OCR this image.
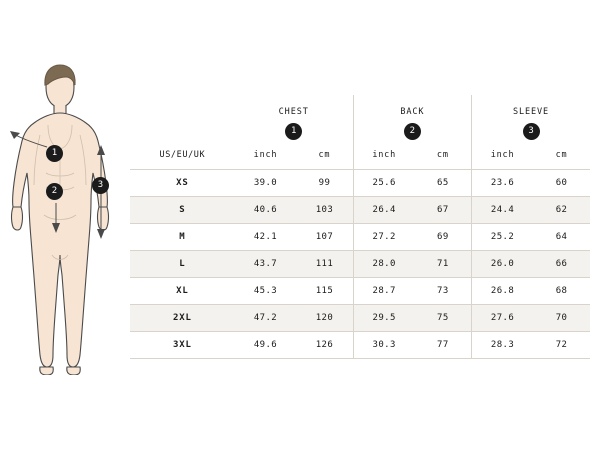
1
2
3
	CHEST		BACK		SLEEVE	
	1		2		3	
US/EU/UK	inch	cm	inch	cm	inch	cm
XS	39.0	99	25.6	65	23.6	60
S	40.6	103	26.4	67	24.4	62
M	42.1	107	27.2	69	25.2	64
L	43.7	111	28.0	71	26.0	66
XL	45.3	115	28.7	73	26.8	68
2XL	47.2	120	29.5	75	27.6	70
3XL	49.6	126	30.3	77	28.3	72
